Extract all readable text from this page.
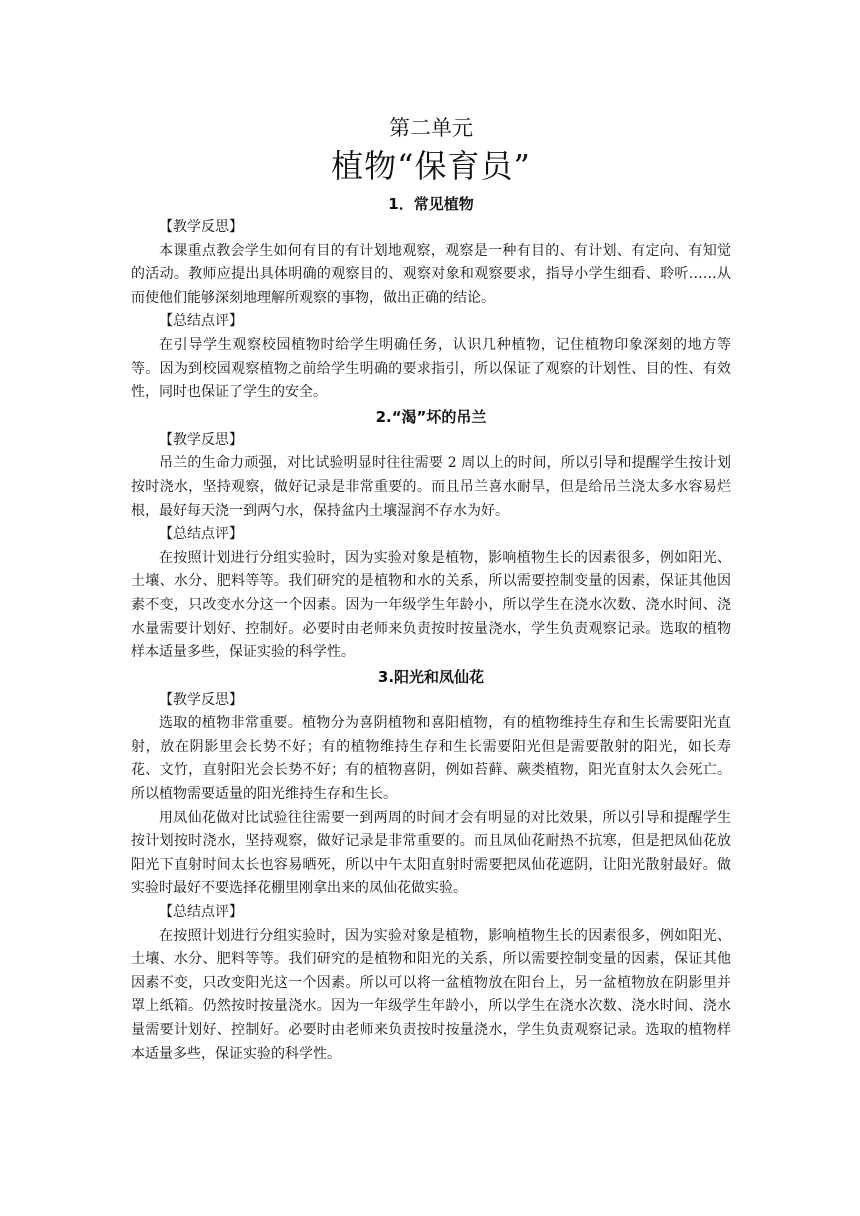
第二单元
植物“保育员”
1．常见植物

【教学反思】

本课重点教会学生如何有目的有计划地观察，观察是一种有目的、有计划、有定向、有知觉的活动。教师应提出具体明确的观察目的、观察对象和观察要求，指导小学生细看、聆听……从而使他们能够深刻地理解所观察的事物，做出正确的结论。

【总结点评】

在引导学生观察校园植物时给学生明确任务，认识几种植物，记住植物印象深刻的地方等等。因为到校园观察植物之前给学生明确的要求指引，所以保证了观察的计划性、目的性、有效性，同时也保证了学生的安全。

2.“渴”坏的吊兰

【教学反思】

吊兰的生命力顽强，对比试验明显时往往需要 2 周以上的时间，所以引导和提醒学生按计划按时浇水，坚持观察，做好记录是非常重要的。而且吊兰喜水耐旱，但是给吊兰浇太多水容易烂根，最好每天浇一到两勺水，保持盆内土壤湿润不存水为好。

【总结点评】

在按照计划进行分组实验时，因为实验对象是植物，影响植物生长的因素很多，例如阳光、土壤、水分、肥料等等。我们研究的是植物和水的关系，所以需要控制变量的因素，保证其他因素不变，只改变水分这一个因素。因为一年级学生年龄小，所以学生在浇水次数、浇水时间、浇水量需要计划好、控制好。必要时由老师来负责按时按量浇水，学生负责观察记录。选取的植物样本适量多些，保证实验的科学性。

3.阳光和凤仙花

【教学反思】

选取的植物非常重要。植物分为喜阴植物和喜阳植物，有的植物维持生存和生长需要阳光直射，放在阴影里会长势不好；有的植物维持生存和生长需要阳光但是需要散射的阳光，如长寿花、文竹，直射阳光会长势不好；有的植物喜阴，例如苔藓、蕨类植物，阳光直射太久会死亡。所以植物需要适量的阳光维持生存和生长。

用凤仙花做对比试验往往需要一到两周的时间才会有明显的对比效果，所以引导和提醒学生按计划按时浇水，坚持观察，做好记录是非常重要的。而且凤仙花耐热不抗寒，但是把凤仙花放阳光下直射时间太长也容易晒死，所以中午太阳直射时需要把凤仙花遮阴，让阳光散射最好。做实验时最好不要选择花棚里刚拿出来的凤仙花做实验。

【总结点评】

在按照计划进行分组实验时，因为实验对象是植物，影响植物生长的因素很多，例如阳光、土壤、水分、肥料等等。我们研究的是植物和阳光的关系，所以需要控制变量的因素，保证其他因素不变，只改变阳光这一个因素。所以可以将一盆植物放在阳台上，另一盆植物放在阴影里并罩上纸箱。仍然按时按量浇水。因为一年级学生年龄小，所以学生在浇水次数、浇水时间、浇水量需要计划好、控制好。必要时由老师来负责按时按量浇水，学生负责观察记录。选取的植物样本适量多些，保证实验的科学性。
